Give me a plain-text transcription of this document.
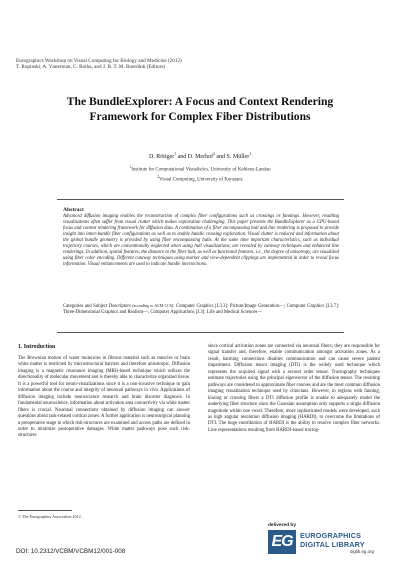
Eurographics Workshop on Visual Computing for Biology and Medicine (2012)
T. Ropinski, A. Ynnerman, C. Botha, and J. B. T. M. Roerdink (Editors)
The BundleExplorer: A Focus and Context Rendering
Framework for Complex Fiber Distributions
D. Röttger$^1$ and D. Merhof$^2$ and S. Müller$^1$
$^1$Institute for Computational Visualistics, University of Koblenz-Landau
$^2$Visual Computing, University of Konstanz
Abstract
Advanced diffusion imaging enables the reconstruction of complex fiber configurations such as crossings or fannings. However, resulting visualizations often suffer from visual clutter which makes exploration challenging. This paper presents the BundleExplorer as a GPU-based focus and context rendering framework for diffusion data. A combination of a fiber encompassing hull and line rendering is proposed to provide insight into inner-bundle fiber configurations as well as to enable bundle crossing exploration. Visual clutter is reduced and information about the global bundle geometry is provided by using fiber encompassing hulls. At the same time important characteristics, such as individual trajectory courses, which are conventionally neglected when using hull visualizations, are revealed by cutaway techniques and enhanced line renderings. In addition, spatial features, the distance to the fiber hull, as well as functional features, i.e., the degree of anisotropy, are visualized using fiber color encoding. Different cutaway techniques using marker and view-dependent clippings are implemented in order to reveal focus information. Visual enhancements are used to indicate bundle intersections.
Categories and Subject Descriptors (according to ACM CCS): Computer Graphics [I.3.3]: Picture/Image Generation—; Computer Graphics [I.3.7]: Three-Dimensional Graphics and Realism—; Computer Applications [J.3]: Life and Medical Sciences—
1. Introduction

The Brownian motion of water molecules in fibrous material such as muscles or brain white matter is restricted by microstructural barriers and therefore anisotropic. Diffusion imaging is a magnetic resonance imaging (MRI)-based technique which utilizes the directionality of molecular movement and is thereby able to characterize organized tissue. It is a powerful tool for neuro-visualizations since it is a non-invasive technique to gain information about the course and integrity of neuronal pathways in vivo. Applications of diffusion imaging include neuroscience research and brain disorder diagnosis. In fundamental neuroscience, information about activation area connectivity via white matter fibers is crucial. Neuronal connections obtained by diffusion imaging can answer questions about task-related cortical zones. A further application is neurosurgical planning a preoperative stage in which risk-structures are examined and access paths are defined in order to minimize postoperative damages. White matter pathways pose such risk-structures

since cortical activation zones are connected via neuronal fibers; they are responsible for signal transfer and, therefore, enable communication amongst activation zones. As a result, harming connections disables communication and can cause severe patient impairment. Diffusion tensor imaging (DTI) is the widely used technique which represents the acquired signal with a second order tensor. Tractography techniques estimate trajectories using the principal eigenvector of the diffusion tensor. The resulting pathways are considered to approximate fiber courses and are the most common diffusion imaging visualization technique used by clinicians. However, in regions with fanning, kissing or crossing fibers a DTI diffusion profile is unable to adequately model the underlying fiber structure since the Gaussian assumption only supports a single diffusion magnitude within one voxel. Therefore, more sophisticated models were developed, such as high angular resolution diffusion imaging (HARDI), to overcome the limitations of DTI. The huge contribution of HARDI is the ability to resolve complex fiber networks. Line representations resulting from HARDI-based tractog-

© The Eurographics Association 2012.
DOI: 10.2312/VCBM/VCBM12/001-008
delivered by
EG	EUROGRAPHICS
DIGITAL LIBRARY
diglib.eg.org
